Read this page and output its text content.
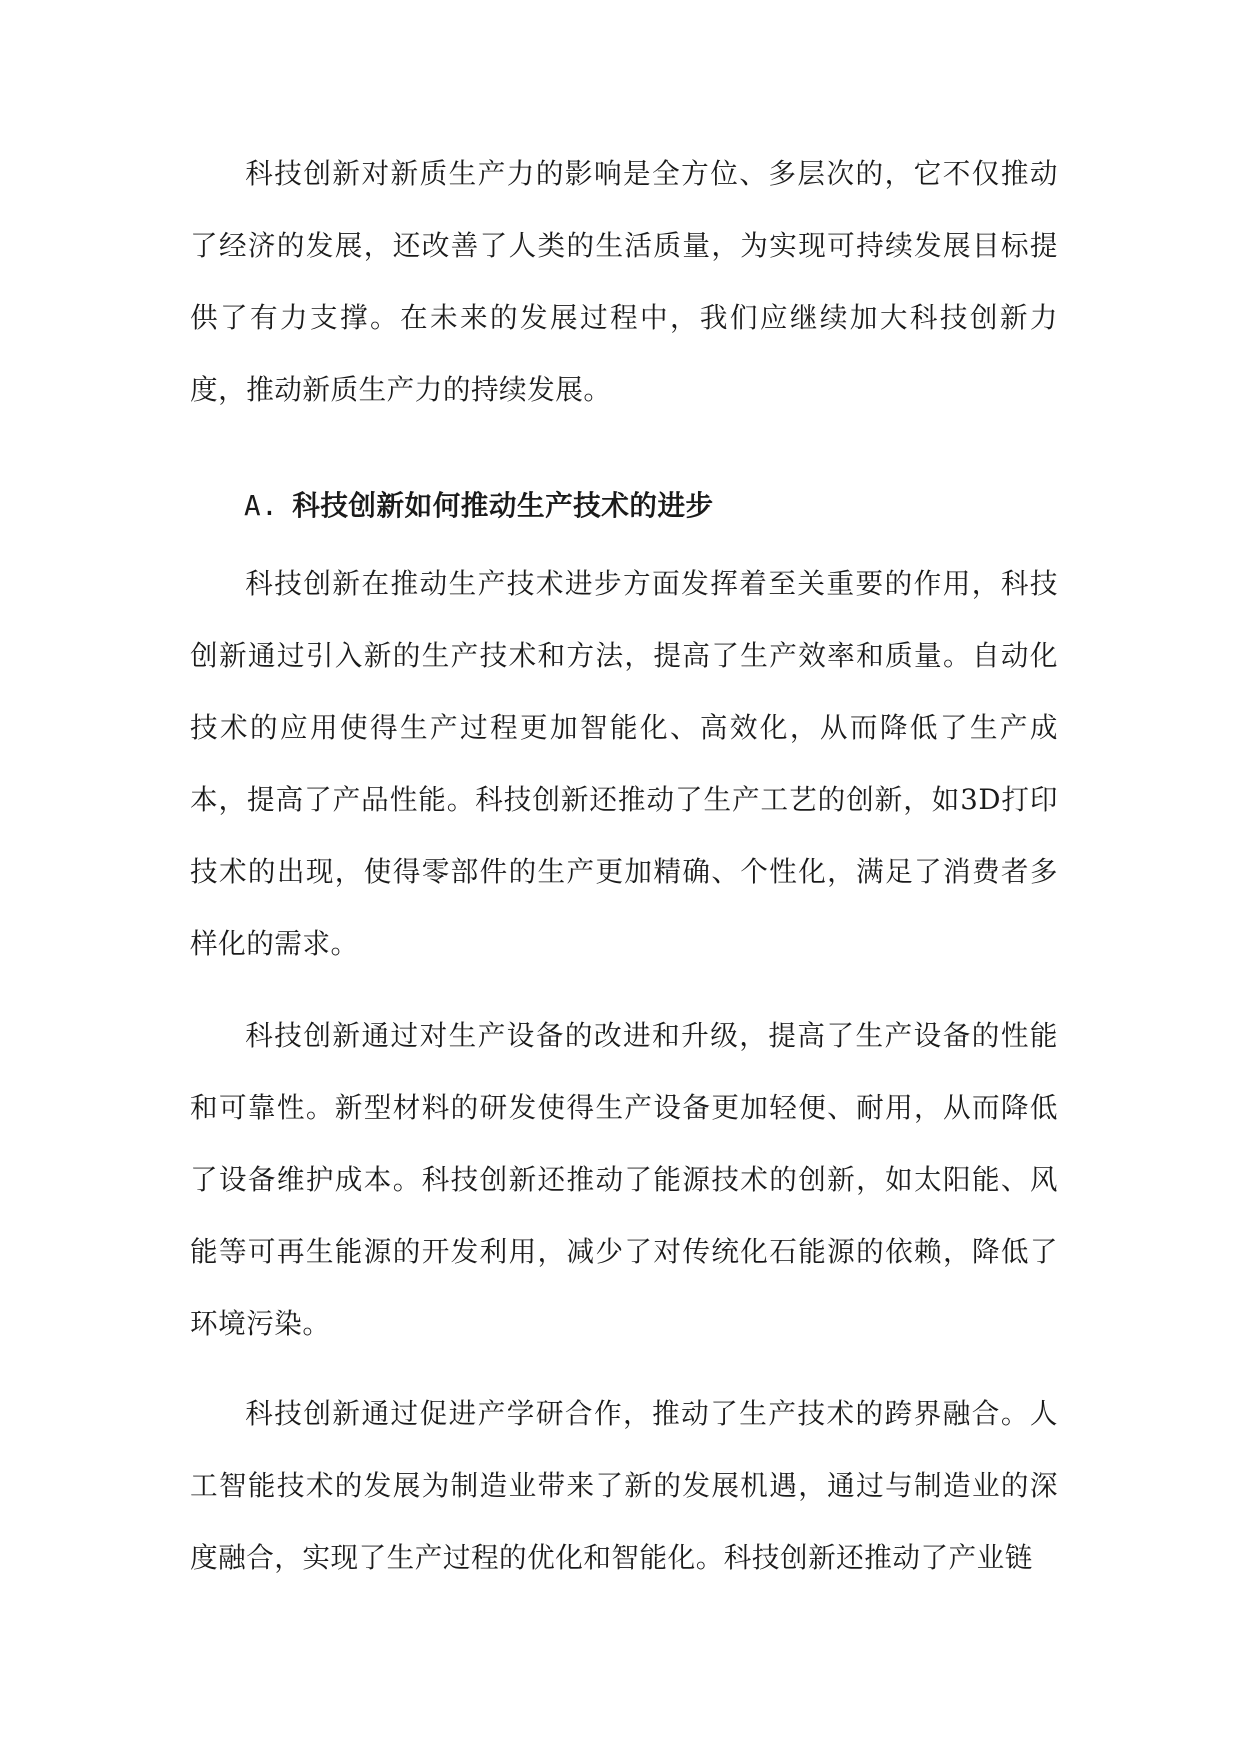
科技创新对新质生产力的影响是全方位、多层次的，它不仅推动了经济的发展，还改善了人类的生活质量，为实现可持续发展目标提供了有力支撑。在未来的发展过程中，我们应继续加大科技创新力度，推动新质生产力的持续发展。

A. 科技创新如何推动生产技术的进步

科技创新在推动生产技术进步方面发挥着至关重要的作用，科技创新通过引入新的生产技术和方法，提高了生产效率和质量。自动化技术的应用使得生产过程更加智能化、高效化，从而降低了生产成本，提高了产品性能。科技创新还推动了生产工艺的创新，如3D打印技术的出现，使得零部件的生产更加精确、个性化，满足了消费者多样化的需求。

科技创新通过对生产设备的改进和升级，提高了生产设备的性能和可靠性。新型材料的研发使得生产设备更加轻便、耐用，从而降低了设备维护成本。科技创新还推动了能源技术的创新，如太阳能、风能等可再生能源的开发利用，减少了对传统化石能源的依赖，降低了环境污染。

科技创新通过促进产学研合作，推动了生产技术的跨界融合。人工智能技术的发展为制造业带来了新的发展机遇，通过与制造业的深度融合，实现了生产过程的优化和智能化。科技创新还推动了产业链
